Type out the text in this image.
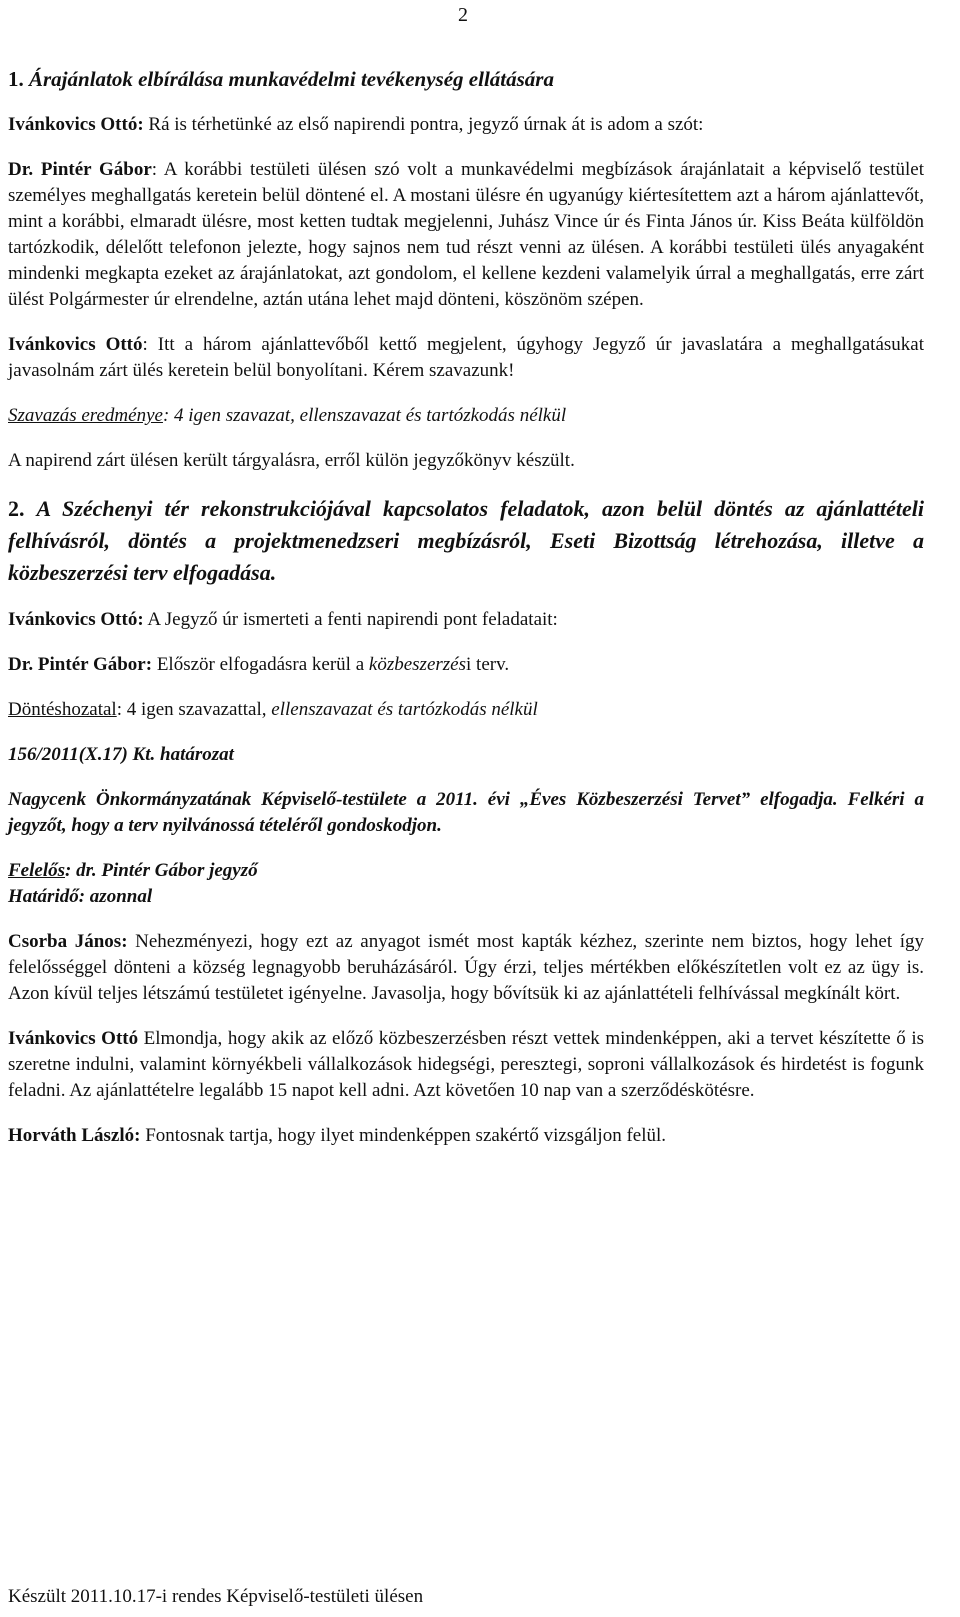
2
1. Árajánlatok elbírálása munkavédelmi tevékenység ellátására

Ivánkovics Ottó: Rá is térhetünké az első napirendi pontra, jegyző úrnak át is adom a szót:

Dr. Pintér Gábor: A korábbi testületi ülésen szó volt a munkavédelmi megbízások árajánlatait a képviselő testület személyes meghallgatás keretein belül döntené el. A mostani ülésre én ugyanúgy kiértesítettem azt a három ajánlattevőt, mint a korábbi, elmaradt ülésre, most ketten tudtak megjelenni, Juhász Vince úr és Finta János úr. Kiss Beáta külföldön tartózkodik, délelőtt telefonon jelezte, hogy sajnos nem tud részt venni az ülésen. A korábbi testületi ülés anyagaként mindenki megkapta ezeket az árajánlatokat, azt gondolom, el kellene kezdeni valamelyik úrral a meghallgatás, erre zárt ülést Polgármester úr elrendelne, aztán utána lehet majd dönteni, köszönöm szépen.

Ivánkovics Ottó: Itt a három ajánlattevőből kettő megjelent, úgyhogy Jegyző úr javaslatára a meghallgatásukat javasolnám zárt ülés keretein belül bonyolítani. Kérem szavazunk!

Szavazás eredménye: 4 igen szavazat, ellenszavazat és tartózkodás nélkül

A napirend zárt ülésen került tárgyalásra, erről külön jegyzőkönyv készült.

2. A Széchenyi tér rekonstrukciójával kapcsolatos feladatok, azon belül döntés az ajánlattételi felhívásról, döntés a projektmenedzseri megbízásról, Eseti Bizottság létrehozása, illetve a közbeszerzési terv elfogadása.

Ivánkovics Ottó: A Jegyző úr ismerteti a fenti napirendi pont feladatait:

Dr. Pintér Gábor: Először elfogadásra kerül a közbeszerzési terv.

Döntéshozatal: 4 igen szavazattal, ellenszavazat és tartózkodás nélkül

156/2011(X.17) Kt. határozat

Nagycenk Önkormányzatának Képviselő-testülete a 2011. évi „Éves Közbeszerzési Tervet” elfogadja. Felkéri a jegyzőt, hogy a terv nyilvánossá tételéről gondoskodjon.

Felelős: dr. Pintér Gábor jegyző
Határidő: azonnal

Csorba János: Nehezményezi, hogy ezt az anyagot ismét most kapták kézhez, szerinte nem biztos, hogy lehet így felelősséggel dönteni a község legnagyobb beruházásáról. Úgy érzi, teljes mértékben előkészítetlen volt ez az ügy is. Azon kívül teljes létszámú testületet igényelne. Javasolja, hogy bővítsük ki az ajánlattételi felhívással megkínált kört.

Ivánkovics Ottó Elmondja, hogy akik az előző közbeszerzésben részt vettek mindenképpen, aki a tervet készítette ő is szeretne indulni, valamint környékbeli vállalkozások hidegségi, peresztegi, soproni vállalkozások és hirdetést is fogunk feladni. Az ajánlattételre legalább 15 napot kell adni. Azt követően 10 nap van a szerződéskötésre.

Horváth László: Fontosnak tartja, hogy ilyet mindenképpen szakértő vizsgáljon felül.

Készült 2011.10.17-i rendes Képviselő-testületi ülésen
